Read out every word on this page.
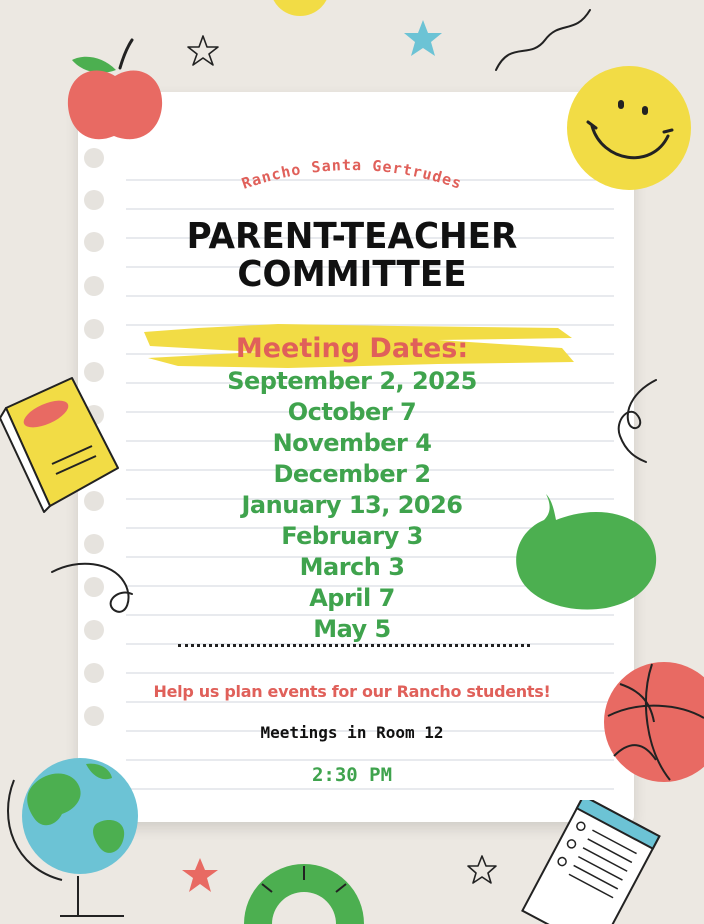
Rancho Santa Gertrudes
PARENT-TEACHER
COMMITTEE
Meeting Dates:
September 2, 2025
October 7
November 4
December 2
January 13, 2026
February 3
March 3
April 7
May 5
Help us plan events for our Rancho students!
Meetings in Room 12
2:30 PM
